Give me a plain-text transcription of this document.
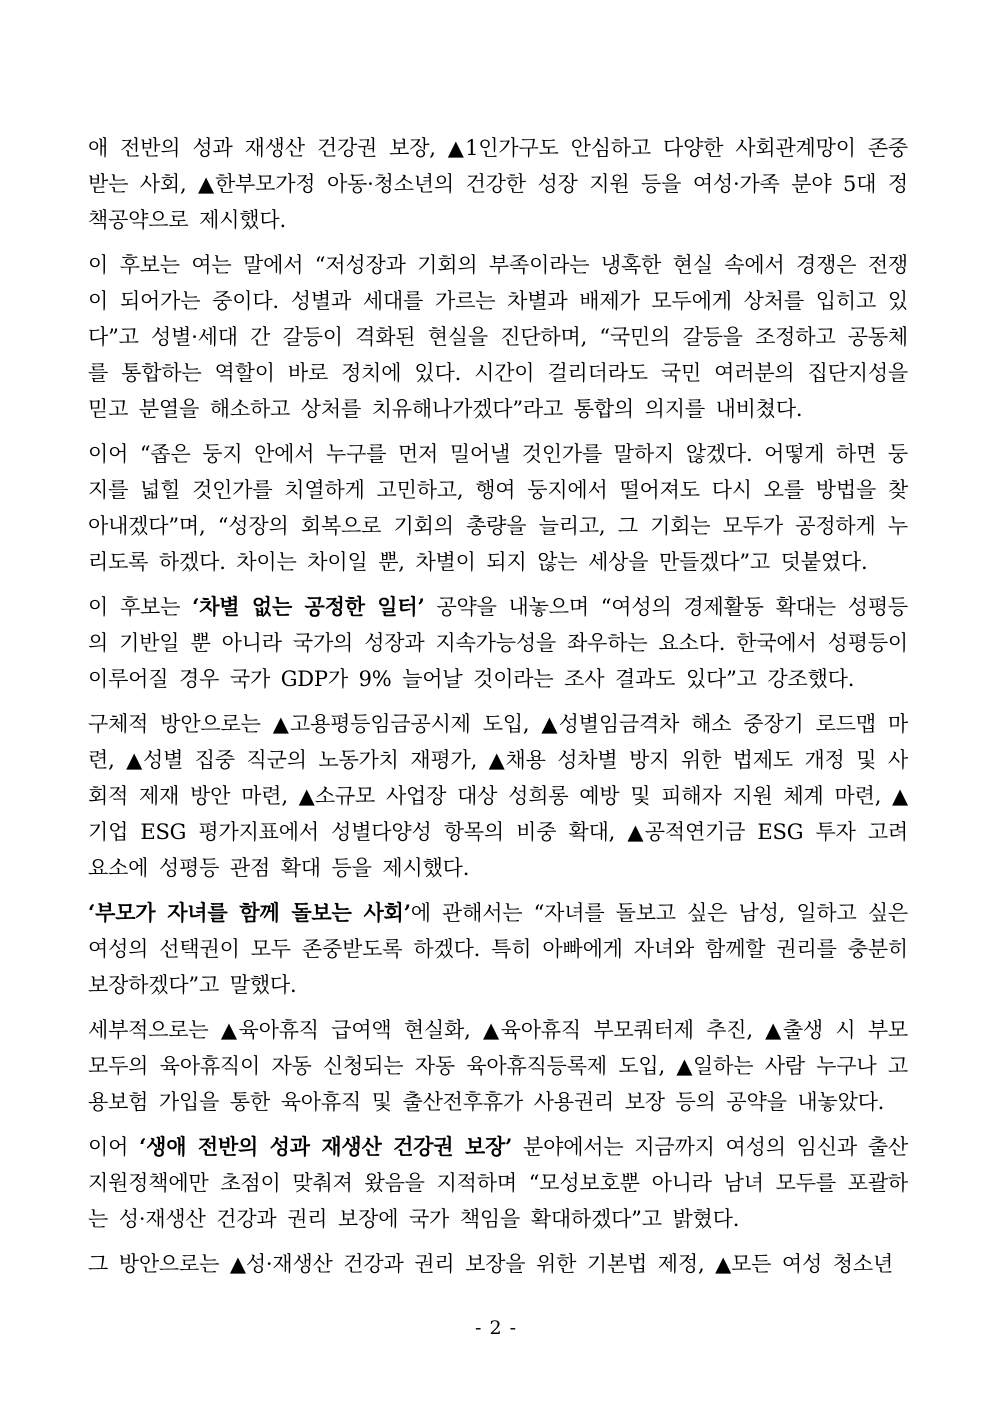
애 전반의 성과 재생산 건강권 보장, ▲1인가구도 안심하고 다양한 사회관계망이 존중받는 사회, ▲한부모가정 아동·청소년의 건강한 성장 지원 등을 여성·가족 분야 5대 정책공약으로 제시했다.

이 후보는 여는 말에서 “저성장과 기회의 부족이라는 냉혹한 현실 속에서 경쟁은 전쟁이 되어가는 중이다. 성별과 세대를 가르는 차별과 배제가 모두에게 상처를 입히고 있다”고 성별·세대 간 갈등이 격화된 현실을 진단하며, “국민의 갈등을 조정하고 공동체를 통합하는 역할이 바로 정치에 있다. 시간이 걸리더라도 국민 여러분의 집단지성을 믿고 분열을 해소하고 상처를 치유해나가겠다”라고 통합의 의지를 내비쳤다.

이어 “좁은 둥지 안에서 누구를 먼저 밀어낼 것인가를 말하지 않겠다. 어떻게 하면 둥지를 넓힐 것인가를 치열하게 고민하고, 행여 둥지에서 떨어져도 다시 오를 방법을 찾아내겠다”며, “성장의 회복으로 기회의 총량을 늘리고, 그 기회는 모두가 공정하게 누리도록 하겠다. 차이는 차이일 뿐, 차별이 되지 않는 세상을 만들겠다”고 덧붙였다.

이 후보는 ‘차별 없는 공정한 일터’ 공약을 내놓으며 “여성의 경제활동 확대는 성평등의 기반일 뿐 아니라 국가의 성장과 지속가능성을 좌우하는 요소다. 한국에서 성평등이 이루어질 경우 국가 GDP가 9% 늘어날 것이라는 조사 결과도 있다”고 강조했다.

구체적 방안으로는 ▲고용평등임금공시제 도입, ▲성별임금격차 해소 중장기 로드맵 마련, ▲성별 집중 직군의 노동가치 재평가, ▲채용 성차별 방지 위한 법제도 개정 및 사회적 제재 방안 마련, ▲소규모 사업장 대상 성희롱 예방 및 피해자 지원 체계 마련, ▲기업 ESG 평가지표에서 성별다양성 항목의 비중 확대, ▲공적연기금 ESG 투자 고려요소에 성평등 관점 확대 등을 제시했다.

‘부모가 자녀를 함께 돌보는 사회’에 관해서는 “자녀를 돌보고 싶은 남성, 일하고 싶은 여성의 선택권이 모두 존중받도록 하겠다. 특히 아빠에게 자녀와 함께할 권리를 충분히 보장하겠다”고 말했다.

세부적으로는 ▲육아휴직 급여액 현실화, ▲육아휴직 부모쿼터제 추진, ▲출생 시 부모 모두의 육아휴직이 자동 신청되는 자동 육아휴직등록제 도입, ▲일하는 사람 누구나 고용보험 가입을 통한 육아휴직 및 출산전후휴가 사용권리 보장 등의 공약을 내놓았다.

이어 ‘생애 전반의 성과 재생산 건강권 보장’ 분야에서는 지금까지 여성의 임신과 출산 지원정책에만 초점이 맞춰져 왔음을 지적하며 “모성보호뿐 아니라 남녀 모두를 포괄하는 성·재생산 건강과 권리 보장에 국가 책임을 확대하겠다”고 밝혔다.

그 방안으로는 ▲성·재생산 건강과 권리 보장을 위한 기본법 제정, ▲모든 여성 청소년

- 2 -
